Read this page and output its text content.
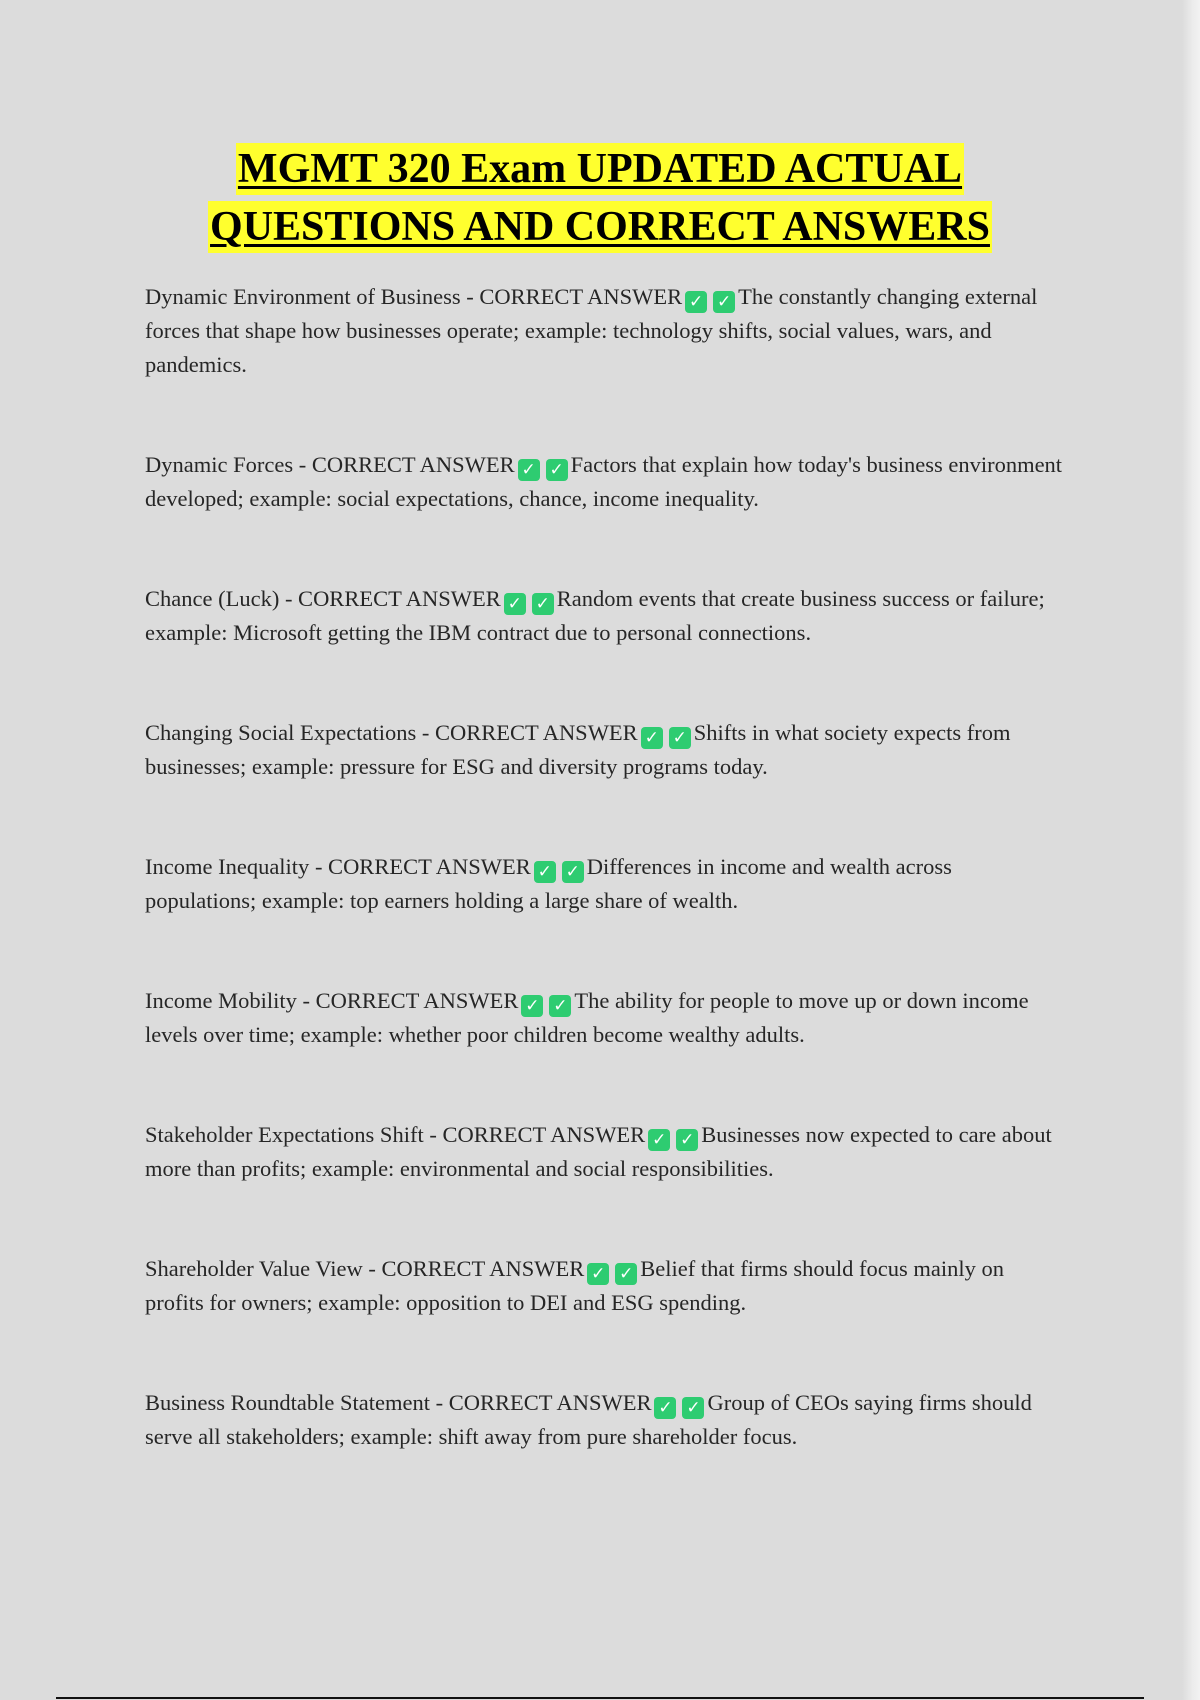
MGMT 320 Exam UPDATED ACTUAL
QUESTIONS AND CORRECT ANSWERS
Dynamic Environment of Business - CORRECT ANSWER ✓ ✓ The constantly changing external forces that shape how businesses operate; example: technology shifts, social values, wars, and pandemics.
Dynamic Forces - CORRECT ANSWER ✓ ✓ Factors that explain how today's business environment developed; example: social expectations, chance, income inequality.
Chance (Luck) - CORRECT ANSWER ✓ ✓ Random events that create business success or failure; example: Microsoft getting the IBM contract due to personal connections.
Changing Social Expectations - CORRECT ANSWER ✓ ✓ Shifts in what society expects from businesses; example: pressure for ESG and diversity programs today.
Income Inequality - CORRECT ANSWER ✓ ✓ Differences in income and wealth across populations; example: top earners holding a large share of wealth.
Income Mobility - CORRECT ANSWER ✓ ✓ The ability for people to move up or down income levels over time; example: whether poor children become wealthy adults.
Stakeholder Expectations Shift - CORRECT ANSWER ✓ ✓ Businesses now expected to care about more than profits; example: environmental and social responsibilities.
Shareholder Value View - CORRECT ANSWER ✓ ✓ Belief that firms should focus mainly on profits for owners; example: opposition to DEI and ESG spending.
Business Roundtable Statement - CORRECT ANSWER ✓ ✓ Group of CEOs saying firms should serve all stakeholders; example: shift away from pure shareholder focus.
